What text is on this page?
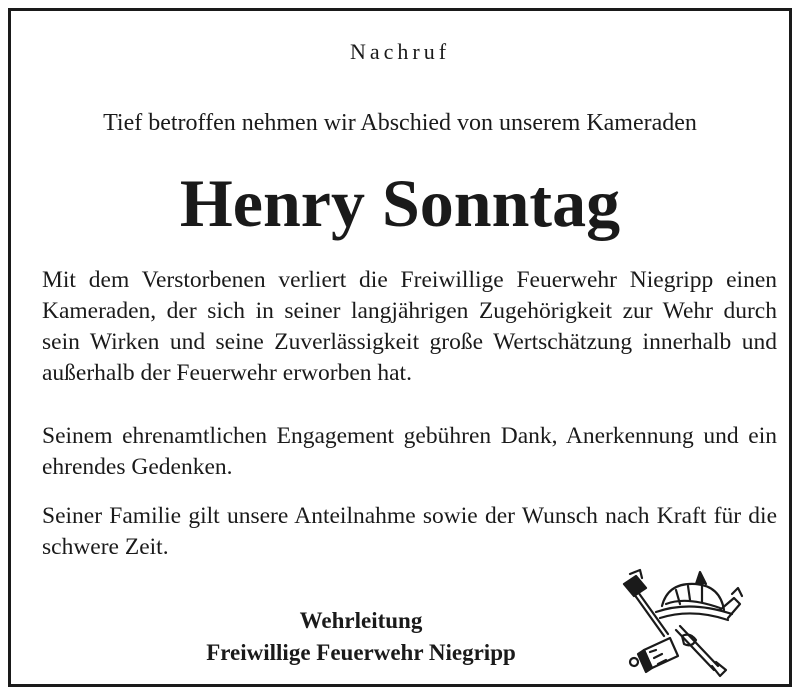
Nachruf
Tief betroffen nehmen wir Abschied von unserem Kameraden
Henry Sonntag
Mit dem Verstorbenen verliert die Freiwillige Feuerwehr Niegripp einen Kameraden, der sich in seiner langjährigen Zugehörigkeit zur Wehr durch sein Wirken und seine Zuverlässigkeit große Wertschätzung innerhalb und außerhalb der Feuerwehr erworben hat.
Seinem ehrenamtlichen Engagement gebühren Dank, Anerkennung und ein ehrendes Gedenken.
Seiner Familie gilt unsere Anteilnahme sowie der Wunsch nach Kraft für die schwere Zeit.
Wehrleitung
Freiwillige Feuerwehr Niegripp
